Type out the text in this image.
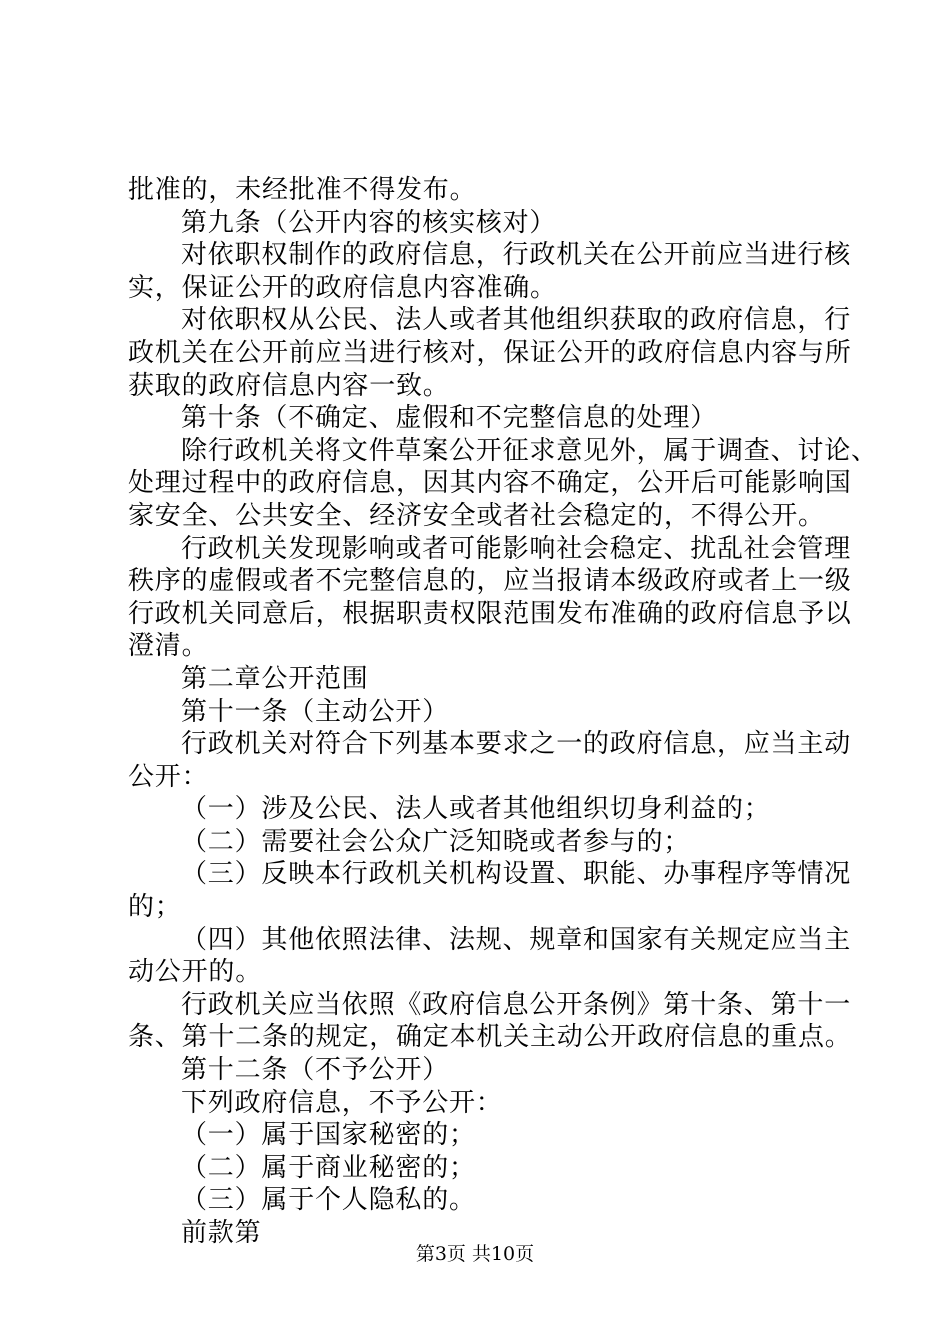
批准的，未经批准不得发布。
第九条（公开内容的核实核对）
对依职权制作的政府信息，行政机关在公开前应当进行核
实，保证公开的政府信息内容准确。
对依职权从公民、法人或者其他组织获取的政府信息，行
政机关在公开前应当进行核对，保证公开的政府信息内容与所
获取的政府信息内容一致。
第十条（不确定、虚假和不完整信息的处理）
除行政机关将文件草案公开征求意见外，属于调查、讨论、
处理过程中的政府信息，因其内容不确定，公开后可能影响国
家安全、公共安全、经济安全或者社会稳定的，不得公开。
行政机关发现影响或者可能影响社会稳定、扰乱社会管理
秩序的虚假或者不完整信息的，应当报请本级政府或者上一级
行政机关同意后，根据职责权限范围发布准确的政府信息予以
澄清。
第二章公开范围
第十一条（主动公开）
行政机关对符合下列基本要求之一的政府信息，应当主动
公开：
（一）涉及公民、法人或者其他组织切身利益的；
（二）需要社会公众广泛知晓或者参与的；
（三）反映本行政机关机构设置、职能、办事程序等情况
的；
（四）其他依照法律、法规、规章和国家有关规定应当主
动公开的。
行政机关应当依照《政府信息公开条例》第十条、第十一
条、第十二条的规定，确定本机关主动公开政府信息的重点。
第十二条（不予公开）
下列政府信息，不予公开：
（一）属于国家秘密的；
（二）属于商业秘密的；
（三）属于个人隐私的。
前款第
第3页 共10页
